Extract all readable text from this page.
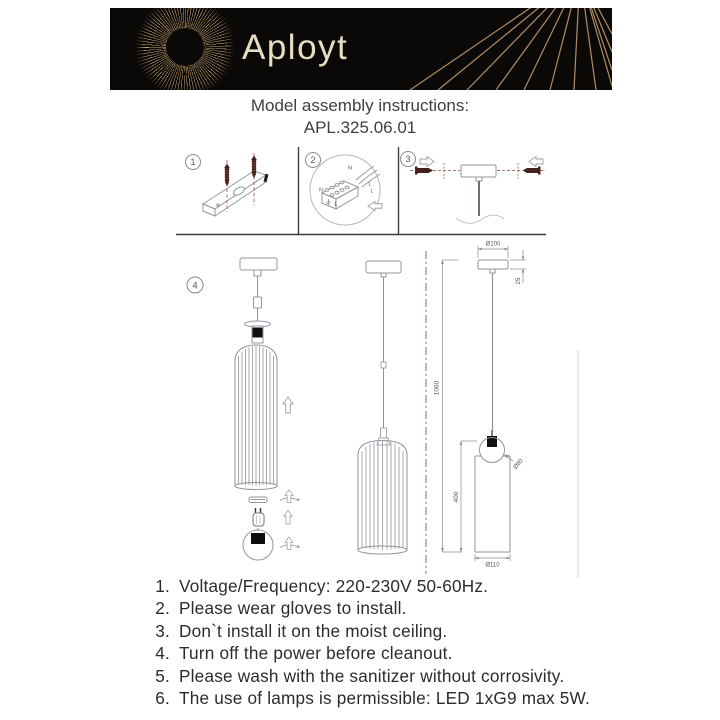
Aployt
Model assembly instructions:
APL.325.06.01
1	2
N
L
L
N
L
3
4
Ø100
25
1060
400
Ø80
Ø110
1. Voltage/Frequency: 220-230V 50-60Hz.
2. Please wear gloves to install.
3. Don`t install it on the moist ceiling.
4. Turn off the power before cleanout.
5. Please wash with the sanitizer without corrosivity.
6. The use of lamps is permissible: LED 1xG9 max 5W.
